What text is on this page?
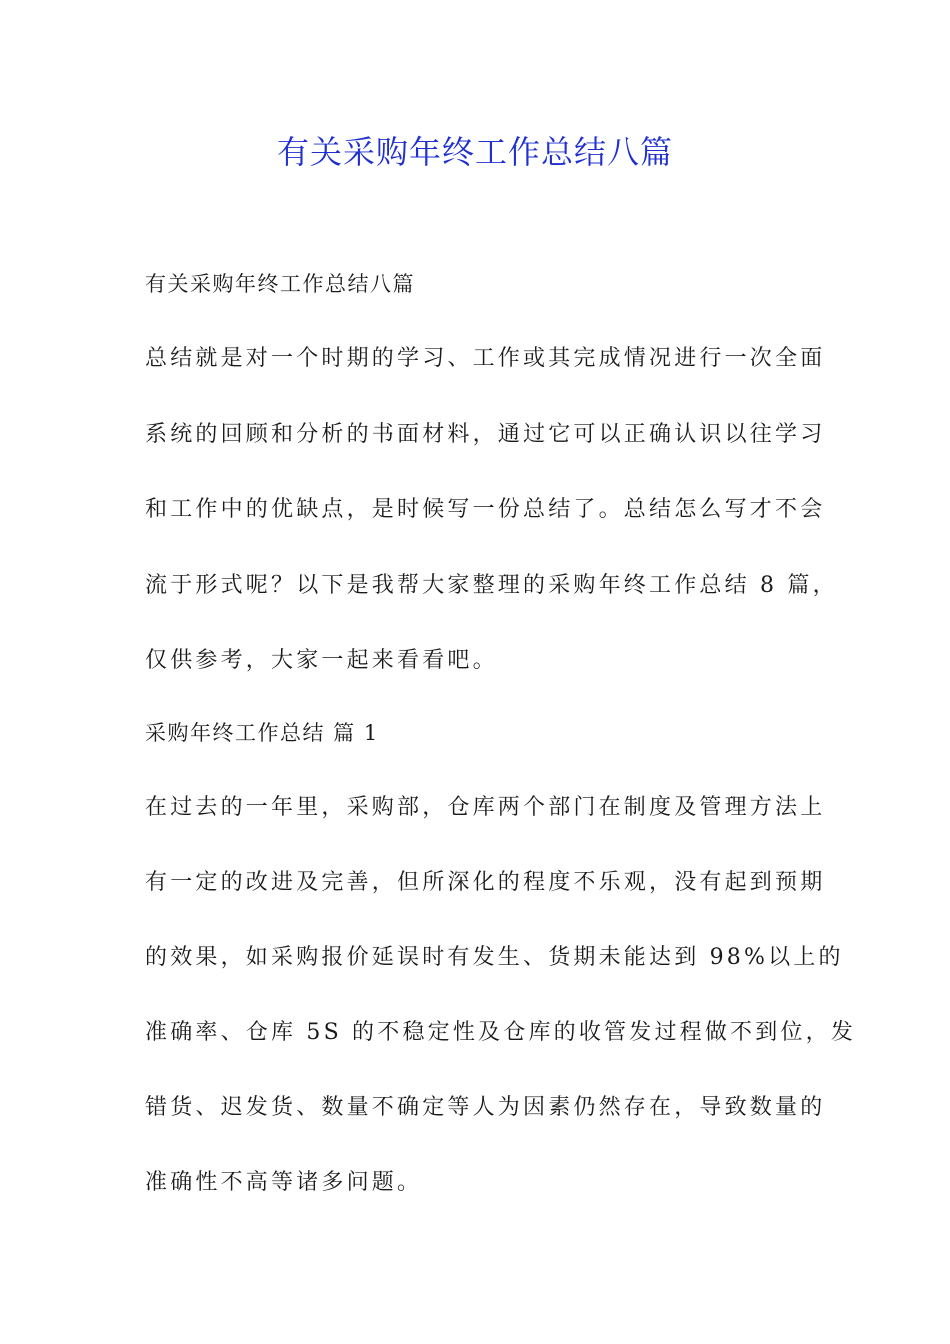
有关采购年终工作总结八篇
有关采购年终工作总结八篇
总结就是对一个时期的学习、工作或其完成情况进行一次全面
系统的回顾和分析的书面材料，通过它可以正确认识以往学习
和工作中的优缺点，是时候写一份总结了。总结怎么写才不会
流于形式呢？以下是我帮大家整理的采购年终工作总结 8 篇，
仅供参考，大家一起来看看吧。
采购年终工作总结 篇 1
在过去的一年里，采购部，仓库两个部门在制度及管理方法上
有一定的改进及完善，但所深化的程度不乐观，没有起到预期
的效果，如采购报价延误时有发生、货期未能达到 98%以上的
准确率、仓库 5S 的不稳定性及仓库的收管发过程做不到位，发
错货、迟发货、数量不确定等人为因素仍然存在，导致数量的
准确性不高等诸多问题。
